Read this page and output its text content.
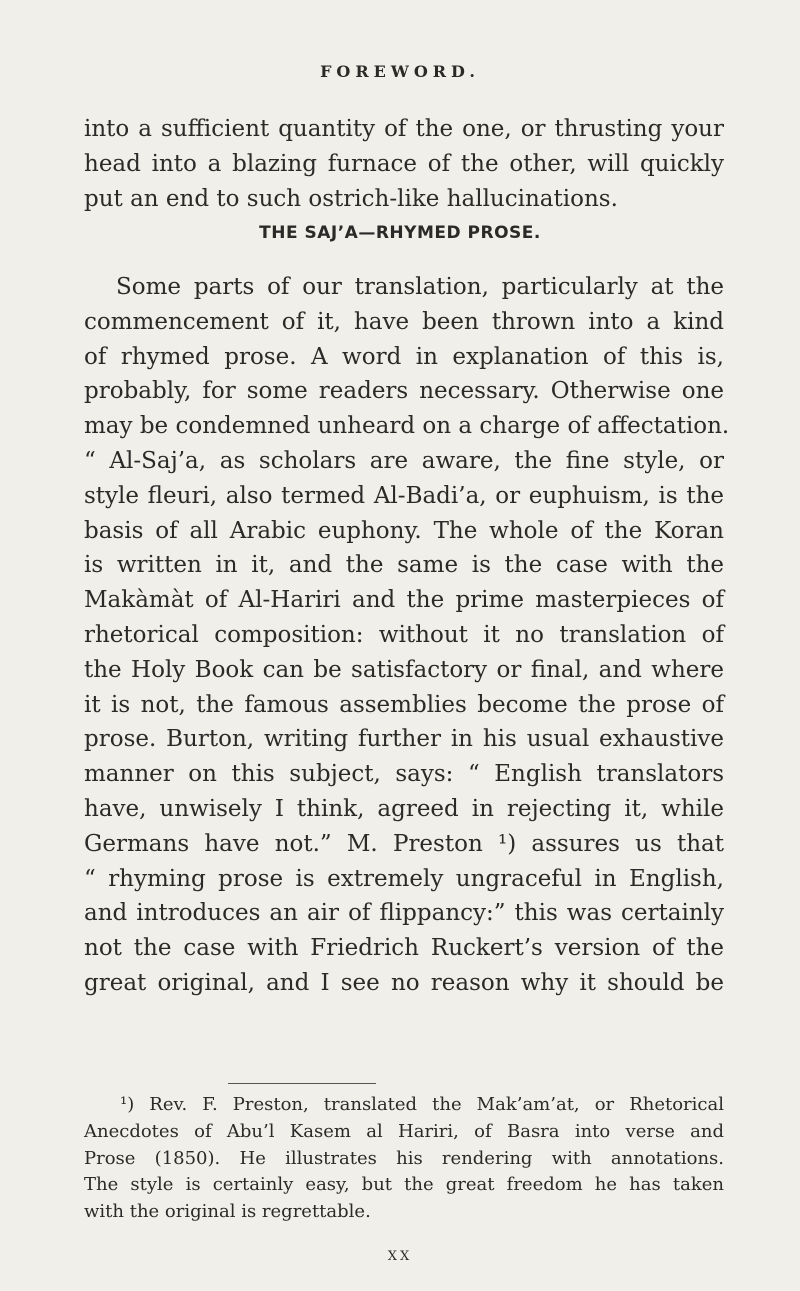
FOREWORD.
into a sufficient quantity of the one, or thrusting your
head into a blazing furnace of the other, will quickly
put an end to such ostrich-like hallucinations.
THE SAJ’A—RHYMED PROSE.
Some parts of our translation, particularly at the
commencement of it, have been thrown into a kind
of rhymed prose. A word in explanation of this is,
probably, for some readers necessary. Otherwise one
may be condemned unheard on a charge of affectation.
“ Al-Saj’a, as scholars are aware, the fine style, or
style fleuri, also termed Al-Badi’a, or euphuism, is the
basis of all Arabic euphony. The whole of the Koran
is written in it, and the same is the case with the
Makàmàt of Al-Hariri and the prime masterpieces of
rhetorical composition: without it no translation of
the Holy Book can be satisfactory or final, and where
it is not, the famous assemblies become the prose of
prose. Burton, writing further in his usual exhaustive
manner on this subject, says: “ English translators
have, unwisely I think, agreed in rejecting it, while
Germans have not.” M. Preston ¹) assures us that
“ rhyming prose is extremely ungraceful in English,
and introduces an air of flippancy:” this was certainly
not the case with Friedrich Ruckert’s version of the
great original, and I see no reason why it should be
¹) Rev. F. Preston, translated the Mak’am’at, or Rhetorical
Anecdotes of Abu’l Kasem al Hariri, of Basra into verse and
Prose (1850). He illustrates his rendering with annotations.
The style is certainly easy, but the great freedom he has taken
with the original is regrettable.
XX
